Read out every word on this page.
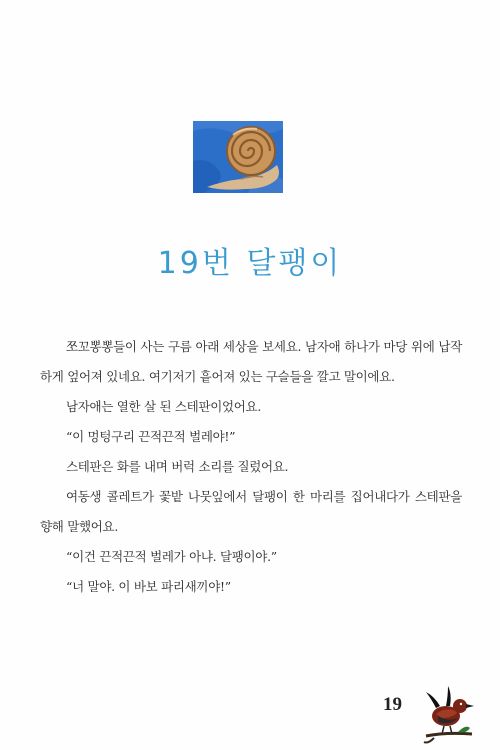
19번 달팽이

쪼꼬뽕뽕들이 사는 구름 아래 세상을 보세요. 남자애 하나가 마당 위에 납작하게 엎어져 있네요. 여기저기 흩어져 있는 구슬들을 깔고 말이에요.

남자애는 열한 살 된 스테판이었어요.

“이 멍텅구리 끈적끈적 벌레야!”

스테판은 화를 내며 버럭 소리를 질렀어요.

여동생 콜레트가 꽃밭 나뭇잎에서 달팽이 한 마리를 집어내다가 스테판을 향해 말했어요.

“이건 끈적끈적 벌레가 아냐. 달팽이야.”

“너 말야. 이 바보 파리새끼야!”

19
